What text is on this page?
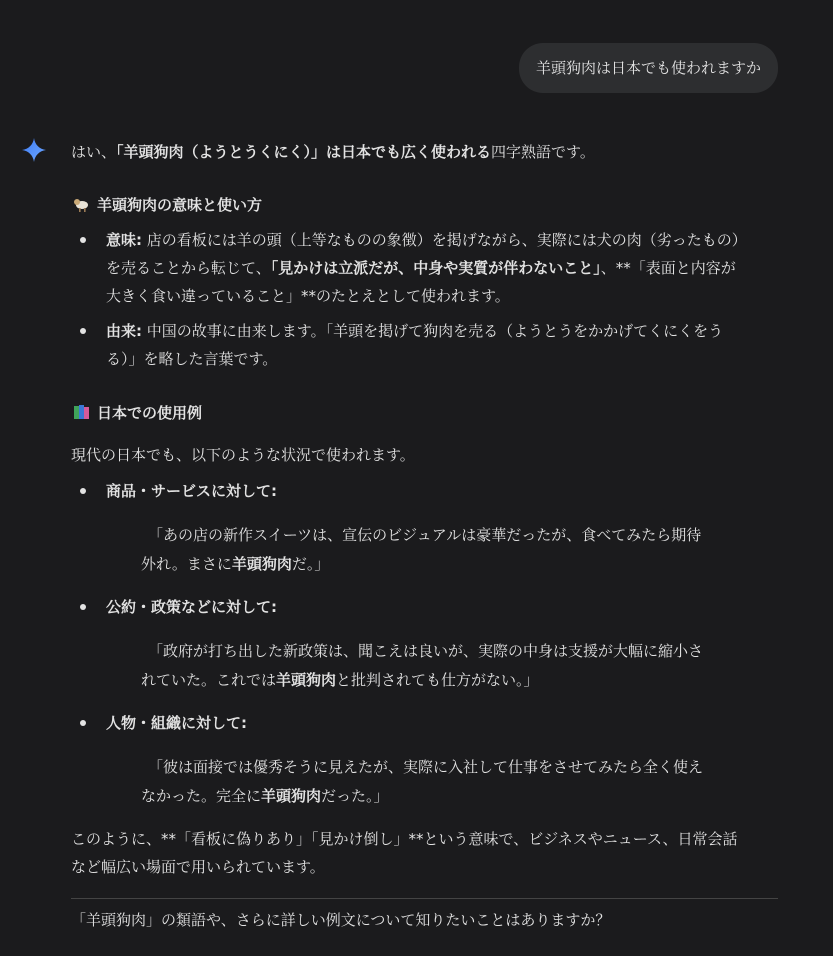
羊頭狗肉は日本でも使われますか
はい、「羊頭狗肉（ようとうくにく）」は日本でも広く使われる四字熟語です。
羊頭狗肉の意味と使い方
意味: 店の看板には羊の頭（上等なものの象徴）を掲げながら、実際には犬の肉（劣ったもの）
を売ることから転じて、「見かけは立派だが、中身や実質が伴わないこと」、**「表面と内容が
大きく食い違っていること」**のたとえとして使われます。
由来: 中国の故事に由来します。「羊頭を掲げて狗肉を売る（ようとうをかかげてくにくをう
る）」を略した言葉です。
日本での使用例
現代の日本でも、以下のような状況で使われます。
商品・サービスに対して:
「あの店の新作スイーツは、宣伝のビジュアルは豪華だったが、食べてみたら期待
外れ。まさに羊頭狗肉だ。」
公約・政策などに対して:
「政府が打ち出した新政策は、聞こえは良いが、実際の中身は支援が大幅に縮小さ
れていた。これでは羊頭狗肉と批判されても仕方がない。」
人物・組織に対して:
「彼は面接では優秀そうに見えたが、実際に入社して仕事をさせてみたら全く使え
なかった。完全に羊頭狗肉だった。」
このように、**「看板に偽りあり」「見かけ倒し」**という意味で、ビジネスやニュース、日常会話
など幅広い場面で用いられています。
「羊頭狗肉」の類語や、さらに詳しい例文について知りたいことはありますか？
